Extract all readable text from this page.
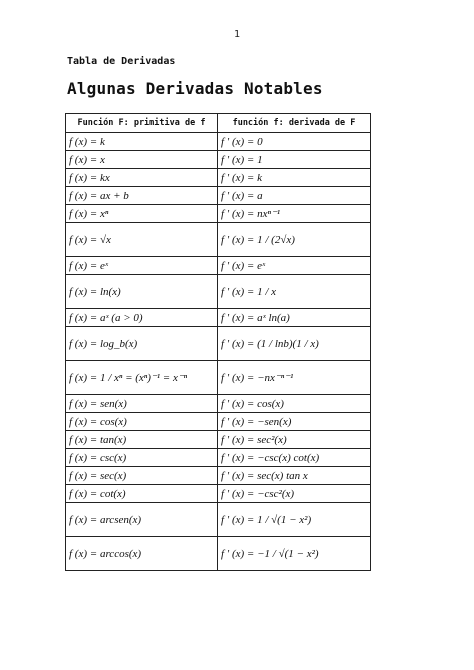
1
Tabla de Derivadas
Algunas Derivadas Notables
Función F: primitiva de f	función f: derivada de F
f (x) = k	f ′ (x) = 0
f (x) = x	f ′ (x) = 1
f (x) = kx	f ′ (x) = k
f (x) = ax + b	f ′ (x) = a
f (x) = xⁿ	f ′ (x) = nxⁿ⁻¹
f (x) = √x	f ′ (x) = 1 / (2√x)
f (x) = eˣ	f ′ (x) = eˣ
f (x) = ln(x)	f ′ (x) = 1 / x
f (x) = aˣ (a > 0)	f ′ (x) = aˣ ln(a)
f (x) = log_b(x)	f ′ (x) = (1 / lnb)(1 / x)
f (x) = 1 / xⁿ = (xⁿ)⁻¹ = x⁻ⁿ	f ′ (x) = −nx⁻ⁿ⁻¹
f (x) = sen(x)	f ′ (x) = cos(x)
f (x) = cos(x)	f ′ (x) = −sen(x)
f (x) = tan(x)	f ′ (x) = sec²(x)
f (x) = csc(x)	f ′ (x) = −csc(x) cot(x)
f (x) = sec(x)	f ′ (x) = sec(x) tan x
f (x) = cot(x)	f ′ (x) = −csc²(x)
f (x) = arcsen(x)	f ′ (x) = 1 / √(1 − x²)
f (x) = arccos(x)	f ′ (x) = −1 / √(1 − x²)
